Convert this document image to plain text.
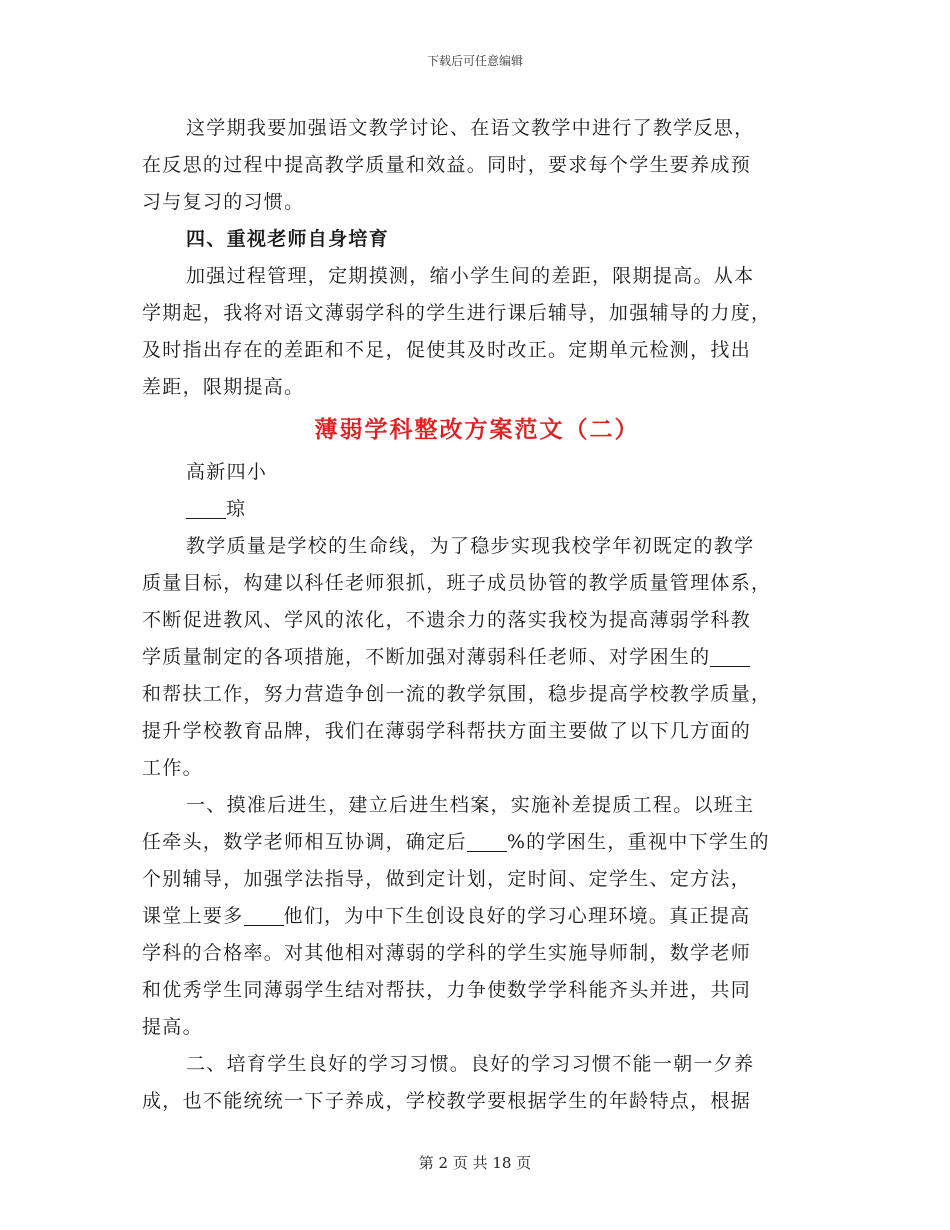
下载后可任意编辑
这学期我要加强语文教学讨论、在语文教学中进行了教学反思，
在反思的过程中提高教学质量和效益。同时，要求每个学生要养成预
习与复习的习惯。
四、重视老师自身培育
加强过程管理，定期摸测，缩小学生间的差距，限期提高。从本
学期起，我将对语文薄弱学科的学生进行课后辅导，加强辅导的力度，
及时指出存在的差距和不足，促使其及时改正。定期单元检测，找出
差距，限期提高。
薄弱学科整改方案范文（二）
高新四小
琼
教学质量是学校的生命线，为了稳步实现我校学年初既定的教学
质量目标，构建以科任老师狠抓，班子成员协管的教学质量管理体系，
不断促进教风、学风的浓化，不遗余力的落实我校为提高薄弱学科教
学质量制定的各项措施，不断加强对薄弱科任老师、对学困生的
和帮扶工作，努力营造争创一流的教学氛围，稳步提高学校教学质量，
提升学校教育品牌，我们在薄弱学科帮扶方面主要做了以下几方面的
工作。
一、摸准后进生，建立后进生档案，实施补差提质工程。以班主
任牵头，数学老师相互协调，确定后 %的学困生，重视中下学生的
个别辅导，加强学法指导，做到定计划，定时间、定学生、定方法，
课堂上要多 他们，为中下生创设良好的学习心理环境。真正提高
学科的合格率。对其他相对薄弱的学科的学生实施导师制，数学老师
和优秀学生同薄弱学生结对帮扶，力争使数学学科能齐头并进，共同
提高。
二、培育学生良好的学习习惯。良好的学习习惯不能一朝一夕养
成，也不能统统一下子养成，学校教学要根据学生的年龄特点，根据
第 2 页 共 18 页
